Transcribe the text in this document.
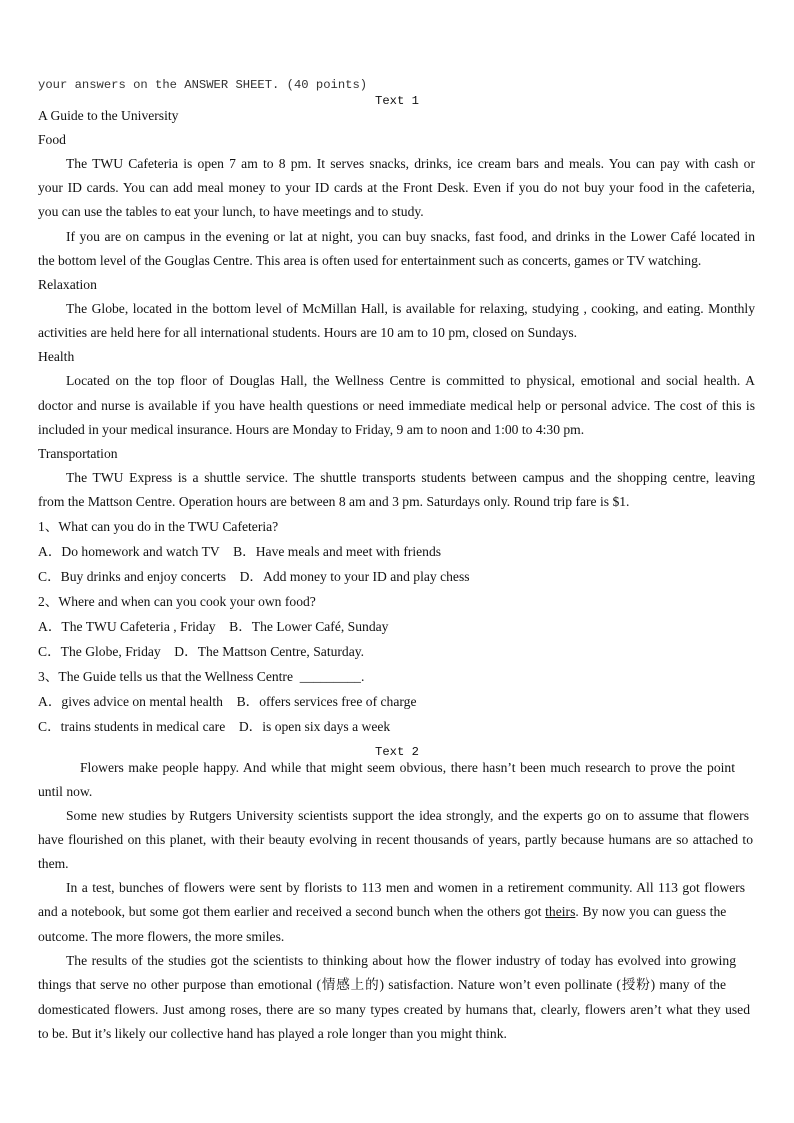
your answers on the ANSWER SHEET. (40 points)
Text 1
A Guide to the University
Food
The TWU Cafeteria is open 7 am to 8 pm. It serves snacks, drinks, ice cream bars and meals. You can pay with cash or
your ID cards. You can add meal money to your ID cards at the Front Desk. Even if you do not buy your food in the cafeteria,
you can use the tables to eat your lunch, to have meetings and to study.
If you are on campus in the evening or lat at night, you can buy snacks, fast food, and drinks in the Lower Café located in
the bottom level of the Gouglas Centre. This area is often used for entertainment such as concerts, games or TV watching.
Relaxation
The Globe, located in the bottom level of McMillan Hall, is available for relaxing, studying , cooking, and eating. Monthly
activities are held here for all international students. Hours are 10 am to 10 pm, closed on Sundays.
Health
Located on the top floor of Douglas Hall, the Wellness Centre is committed to physical, emotional and social health. A
doctor and nurse is available if you have health questions or need immediate medical help or personal advice. The cost of this is
included in your medical insurance. Hours are Monday to Friday, 9 am to noon and 1:00 to 4:30 pm.
Transportation
The TWU Express is a shuttle service. The shuttle transports students between campus and the shopping centre, leaving
from the Mattson Centre. Operation hours are between 8 am and 3 pm. Saturdays only. Round trip fare is $1.
1、What can you do in the TWU Cafeteria?
A．Do homework and watch TV    B．Have meals and meet with friends
C．Buy drinks and enjoy concerts    D．Add money to your ID and play chess
2、Where and when can you cook your own food?
A．The TWU Cafeteria , Friday    B．The Lower Café, Sunday
C．The Globe, Friday    D．The Mattson Centre, Saturday.
3、The Guide tells us that the Wellness Centre  _________.
A．gives advice on mental health    B．offers services free of charge
C．trains students in medical care    D．is open six days a week
Text 2
Flowers make people happy. And while that might seem obvious, there hasn’t been much research to prove the point
until now.
Some new studies by Rutgers University scientists support the idea strongly, and the experts go on to assume that flowers
have flourished on this planet, with their beauty evolving in recent thousands of years, partly because humans are so attached to
them.
In a test, bunches of flowers were sent by florists to 113 men and women in a retirement community. All 113 got flowers
and a notebook, but some got them earlier and received a second bunch when the others got theirs. By now you can guess the
outcome. The more flowers, the more smiles.
The results of the studies got the scientists to thinking about how the flower industry of today has evolved into growing
things that serve no other purpose than emotional (情感上的) satisfaction. Nature won’t even pollinate (授粉) many of the
domesticated flowers. Just among roses, there are so many types created by humans that, clearly, flowers aren’t what they used
to be. But it’s likely our collective hand has played a role longer than you might think.
